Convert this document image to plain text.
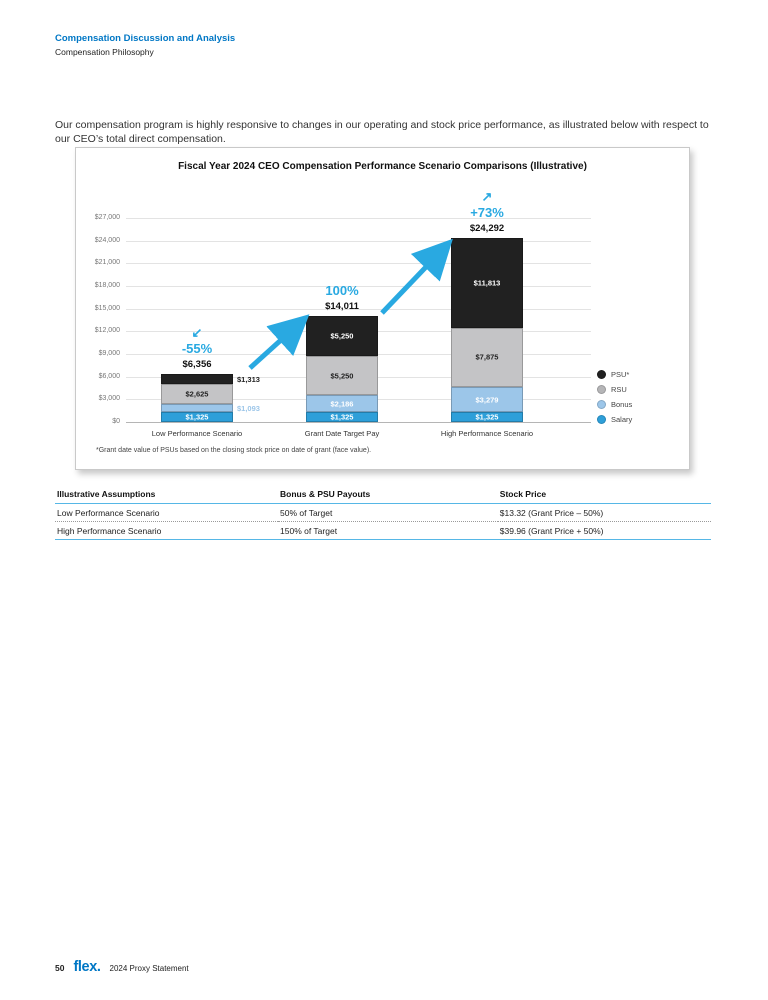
Compensation Discussion and Analysis
Compensation Philosophy

Our compensation program is highly responsive to changes in our operating and stock price performance, as illustrated below with respect to our CEO’s total direct compensation.

Fiscal Year 2024 CEO Compensation Performance Scenario Comparisons (Illustrative)
$1,325
$1,093
$2,625
$1,313
$6,356
-55%
↙
$1,325
$2,186
$5,250
$5,250
$14,011
100%
$1,325
$3,279
$7,875
$11,813
$24,292
+73%
↗
PSU*
RSU
Bonus
Salary
*Grant date value of PSUs based on the closing stock price on date of grant (face value).
$0
$3,000
$6,000
$9,000
$12,000
$15,000
$18,000
$21,000
$24,000
$27,000
Low Performance Scenario	Grant Date Target Pay	High Performance Scenario
Illustrative Assumptions	Bonus & PSU Payouts	Stock Price
Low Performance Scenario	50% of Target	$13.32 (Grant Price – 50%)
High Performance Scenario	150% of Target	$39.96 (Grant Price + 50%)
50 flex. 2024 Proxy Statement
